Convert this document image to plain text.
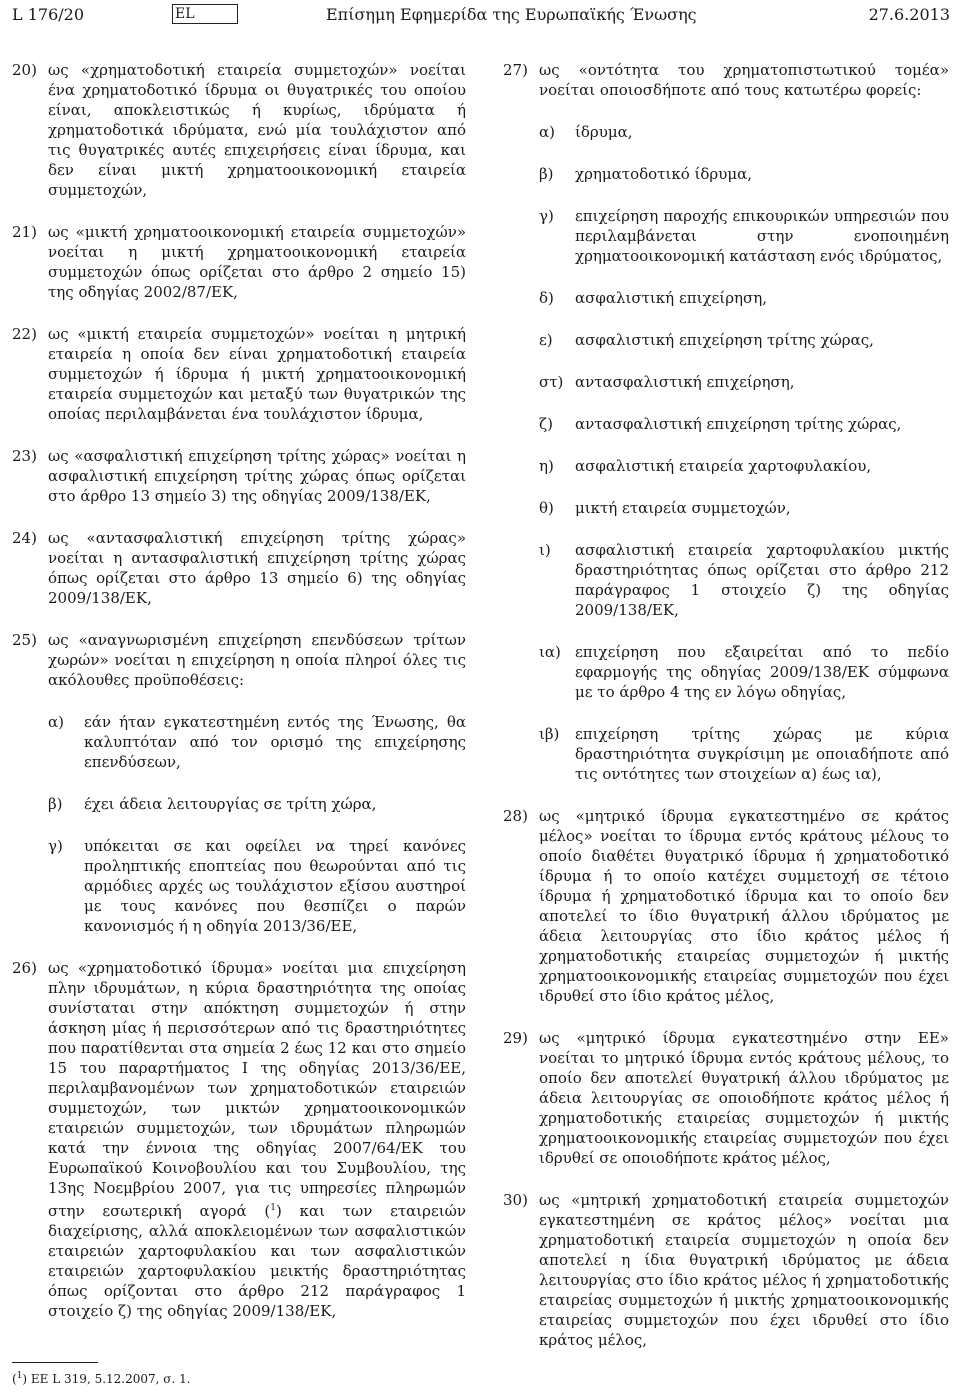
L 176/20	EL	Επίσημη Εφημερίδα της Ευρωπαϊκής Ένωσης	27.6.2013
20) ως «χρηματοδοτική εταιρεία συμμετοχών» νοείται ένα χρηματοδοτικό ίδρυμα οι θυγατρικές του οποίου είναι, αποκλειστικώς ή κυρίως, ιδρύματα ή χρηματοδοτικά ιδρύματα, ενώ μία τουλάχιστον από τις θυγατρικές αυτές επιχειρήσεις είναι ίδρυμα, και δεν είναι μικτή χρηματοοικονομική εταιρεία συμμετοχών,
21) ως «μικτή χρηματοοικονομική εταιρεία συμμετοχών» νοείται η μικτή χρηματοοικονομική εταιρεία συμμετοχών όπως ορίζεται στο άρθρο 2 σημείο 15) της οδηγίας 2002/87/ΕΚ,
22) ως «μικτή εταιρεία συμμετοχών» νοείται η μητρική εταιρεία η οποία δεν είναι χρηματοδοτική εταιρεία συμμετοχών ή ίδρυμα ή μικτή χρηματοοικονομική εταιρεία συμμετοχών και μεταξύ των θυγατρικών της οποίας περιλαμβάνεται ένα τουλάχιστον ίδρυμα,
23) ως «ασφαλιστική επιχείρηση τρίτης χώρας» νοείται η ασφαλιστική επιχείρηση τρίτης χώρας όπως ορίζεται στο άρθρο 13 σημείο 3) της οδηγίας 2009/138/ΕΚ,
24) ως «αντασφαλιστική επιχείρηση τρίτης χώρας» νοείται η αντασφαλιστική επιχείρηση τρίτης χώρας όπως ορίζεται στο άρθρο 13 σημείο 6) της οδηγίας 2009/138/ΕΚ,
25) ως «αναγνωρισμένη επιχείρηση επενδύσεων τρίτων χωρών» νοείται η επιχείρηση η οποία πληροί όλες τις ακόλουθες προϋποθέσεις:
α) εάν ήταν εγκατεστημένη εντός της Ένωσης, θα καλυπτόταν από τον ορισμό της επιχείρησης επενδύσεων,
β) έχει άδεια λειτουργίας σε τρίτη χώρα,
γ) υπόκειται σε και οφείλει να τηρεί κανόνες προληπτικής εποπτείας που θεωρούνται από τις αρμόδιες αρχές ως τουλάχιστον εξίσου αυστηροί με τους κανόνες που θεσπίζει ο παρών κανονισμός ή η οδηγία 2013/36/ΕΕ,
26) ως «χρηματοδοτικό ίδρυμα» νοείται μια επιχείρηση πλην ιδρυμάτων, η κύρια δραστηριότητα της οποίας συνίσταται στην απόκτηση συμμετοχών ή στην άσκηση μίας ή περισσότερων από τις δραστηριότητες που παρατίθενται στα σημεία 2 έως 12 και στο σημείο 15 του παραρτήματος I της οδηγίας 2013/36/ΕΕ, περιλαμβανομένων των χρηματοδοτικών εταιρειών συμμετοχών, των μικτών χρηματοοικονομικών εταιρειών συμμετοχών, των ιδρυμάτων πληρωμών κατά την έννοια της οδηγίας 2007/64/ΕΚ του Ευρωπαϊκού Κοινοβουλίου και του Συμβουλίου, της 13ης Νοεμβρίου 2007, για τις υπηρεσίες πληρωμών στην εσωτερική αγορά ($^1$) και των εταιρειών διαχείρισης, αλλά αποκλειομένων των ασφαλιστικών εταιρειών χαρτοφυλακίου και των ασφαλιστικών εταιρειών χαρτοφυλακίου μεικτής δραστηριότητας όπως ορίζονται στο άρθρο 212 παράγραφος 1 στοιχείο ζ) της οδηγίας 2009/138/ΕΚ,
27) ως «οντότητα του χρηματοπιστωτικού τομέα» νοείται οποιοσδήποτε από τους κατωτέρω φορείς:
α) ίδρυμα,
β) χρηματοδοτικό ίδρυμα,
γ) επιχείρηση παροχής επικουρικών υπηρεσιών που περιλαμβάνεται στην ενοποιημένη χρηματοοικονομική κατάσταση ενός ιδρύματος,
δ) ασφαλιστική επιχείρηση,
ε) ασφαλιστική επιχείρηση τρίτης χώρας,
στ) αντασφαλιστική επιχείρηση,
ζ) αντασφαλιστική επιχείρηση τρίτης χώρας,
η) ασφαλιστική εταιρεία χαρτοφυλακίου,
θ) μικτή εταιρεία συμμετοχών,
ι) ασφαλιστική εταιρεία χαρτοφυλακίου μικτής δραστηριότητας όπως ορίζεται στο άρθρο 212 παράγραφος 1 στοιχείο ζ) της οδηγίας 2009/138/ΕΚ,
ια) επιχείρηση που εξαιρείται από το πεδίο εφαρμογής της οδηγίας 2009/138/ΕΚ σύμφωνα με το άρθρο 4 της εν λόγω οδηγίας,
ιβ) επιχείρηση τρίτης χώρας με κύρια δραστηριότητα συγκρίσιμη με οποιαδήποτε από τις οντότητες των στοιχείων α) έως ια),
28) ως «μητρικό ίδρυμα εγκατεστημένο σε κράτος μέλος» νοείται το ίδρυμα εντός κράτους μέλους το οποίο διαθέτει θυγατρικό ίδρυμα ή χρηματοδοτικό ίδρυμα ή το οποίο κατέχει συμμετοχή σε τέτοιο ίδρυμα ή χρηματοδοτικό ίδρυμα και το οποίο δεν αποτελεί το ίδιο θυγατρική άλλου ιδρύματος με άδεια λειτουργίας στο ίδιο κράτος μέλος ή χρηματοδοτικής εταιρείας συμμετοχών ή μικτής χρηματοοικονομικής εταιρείας συμμετοχών που έχει ιδρυθεί στο ίδιο κράτος μέλος,
29) ως «μητρικό ίδρυμα εγκατεστημένο στην ΕΕ» νοείται το μητρικό ίδρυμα εντός κράτους μέλους, το οποίο δεν αποτελεί θυγατρική άλλου ιδρύματος με άδεια λειτουργίας σε οποιοδήποτε κράτος μέλος ή χρηματοδοτικής εταιρείας συμμετοχών ή μικτής χρηματοοικονομικής εταιρείας συμμετοχών που έχει ιδρυθεί σε οποιοδήποτε κράτος μέλος,
30) ως «μητρική χρηματοδοτική εταιρεία συμμετοχών εγκατεστημένη σε κράτος μέλος» νοείται μια χρηματοδοτική εταιρεία συμμετοχών η οποία δεν αποτελεί η ίδια θυγατρική ιδρύματος με άδεια λειτουργίας στο ίδιο κράτος μέλος ή χρηματοδοτικής εταιρείας συμμετοχών ή μικτής χρηματοοικονομικής εταιρείας συμμετοχών που έχει ιδρυθεί στο ίδιο κράτος μέλος,
($^1$) ΕΕ L 319, 5.12.2007, σ. 1.
